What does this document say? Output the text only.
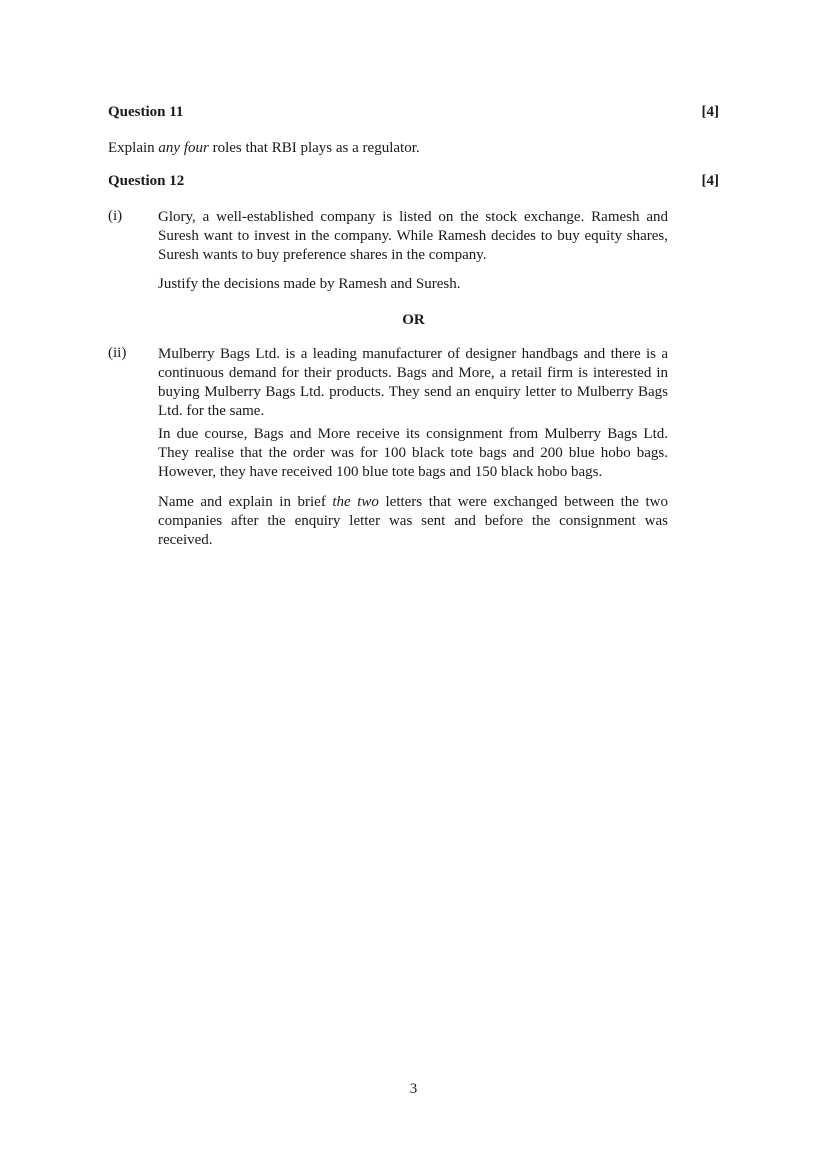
Question 11	[4]
Explain any four roles that RBI plays as a regulator.
Question 12	[4]
(i) Glory, a well-established company is listed on the stock exchange. Ramesh and Suresh want to invest in the company. While Ramesh decides to buy equity shares, Suresh wants to buy preference shares in the company.

Justify the decisions made by Ramesh and Suresh.

OR
(ii) Mulberry Bags Ltd. is a leading manufacturer of designer handbags and there is a continuous demand for their products. Bags and More, a retail firm is interested in buying Mulberry Bags Ltd. products. They send an enquiry letter to Mulberry Bags Ltd. for the same.

In due course, Bags and More receive its consignment from Mulberry Bags Ltd. They realise that the order was for 100 black tote bags and 200 blue hobo bags. However, they have received 100 blue tote bags and 150 black hobo bags.

Name and explain in brief the two letters that were exchanged between the two companies after the enquiry letter was sent and before the consignment was received.

3
